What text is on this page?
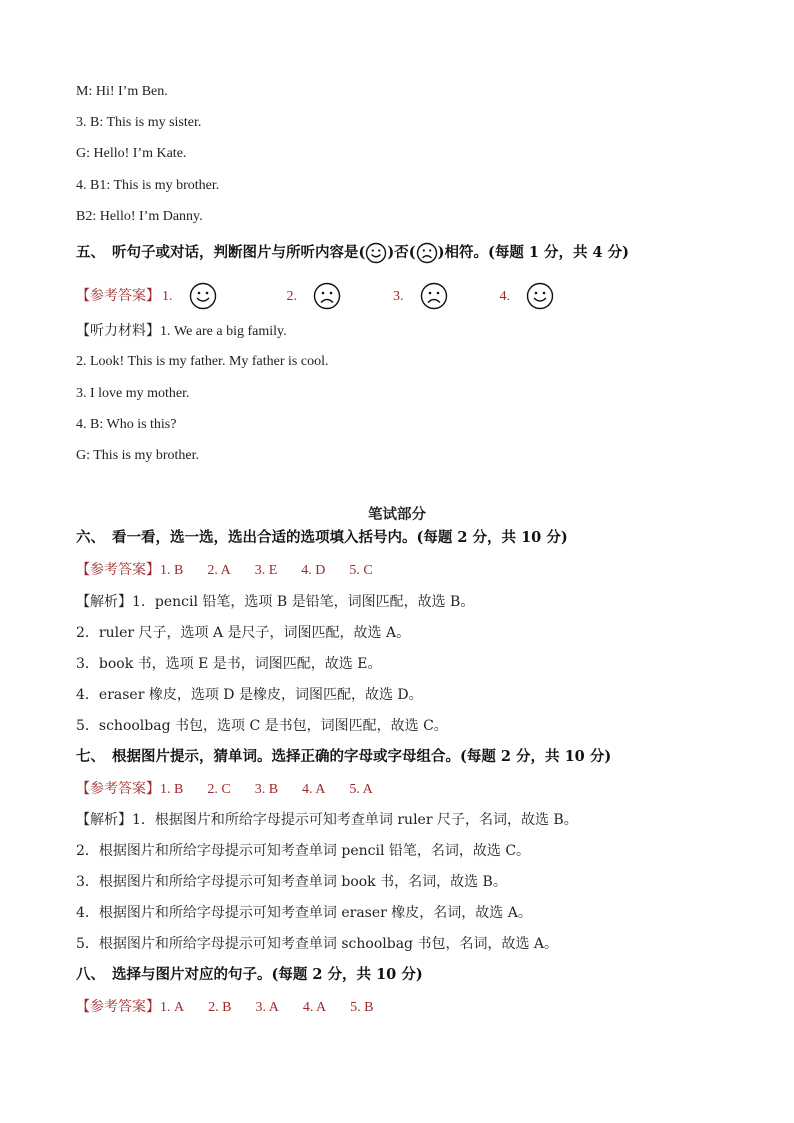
M: Hi! I’m Ben.
3. B: This is my sister.
G: Hello! I’m Kate.
4. B1: This is my brother.
B2: Hello! I’m Danny.
五、 听句子或对话，判断图片与所听内容是( )否( )相符。(每题 1 分，共 4 分)
【参考答案】 1.	2.	3.	4.
【听力材料】1. We are a big family.
2. Look! This is my father. My father is cool.
3. I love my mother.
4. B: Who is this?
G: This is my brother.
笔试部分
六、 看一看，选一选，选出合适的选项填入括号内。(每题 2 分，共 10 分)
【参考答案】1. B 2. A 3. E 4. D 5. C
【解析】1．pencil 铅笔，选项 B 是铅笔，词图匹配，故选 B。
2．ruler 尺子，选项 A 是尺子，词图匹配，故选 A。
3．book 书，选项 E 是书，词图匹配，故选 E。
4．eraser 橡皮，选项 D 是橡皮，词图匹配，故选 D。
5．schoolbag 书包，选项 C 是书包，词图匹配，故选 C。
七、 根据图片提示，猜单词。选择正确的字母或字母组合。(每题 2 分，共 10 分)
【参考答案】1. B 2. C 3. B 4. A 5. A
【解析】1．根据图片和所给字母提示可知考查单词 ruler 尺子，名词，故选 B。
2．根据图片和所给字母提示可知考查单词 pencil 铅笔，名词，故选 C。
3．根据图片和所给字母提示可知考查单词 book 书，名词，故选 B。
4．根据图片和所给字母提示可知考查单词 eraser 橡皮，名词，故选 A。
5．根据图片和所给字母提示可知考查单词 schoolbag 书包，名词，故选 A。
八、 选择与图片对应的句子。(每题 2 分，共 10 分)
【参考答案】1. A 2. B 3. A 4. A 5. B
